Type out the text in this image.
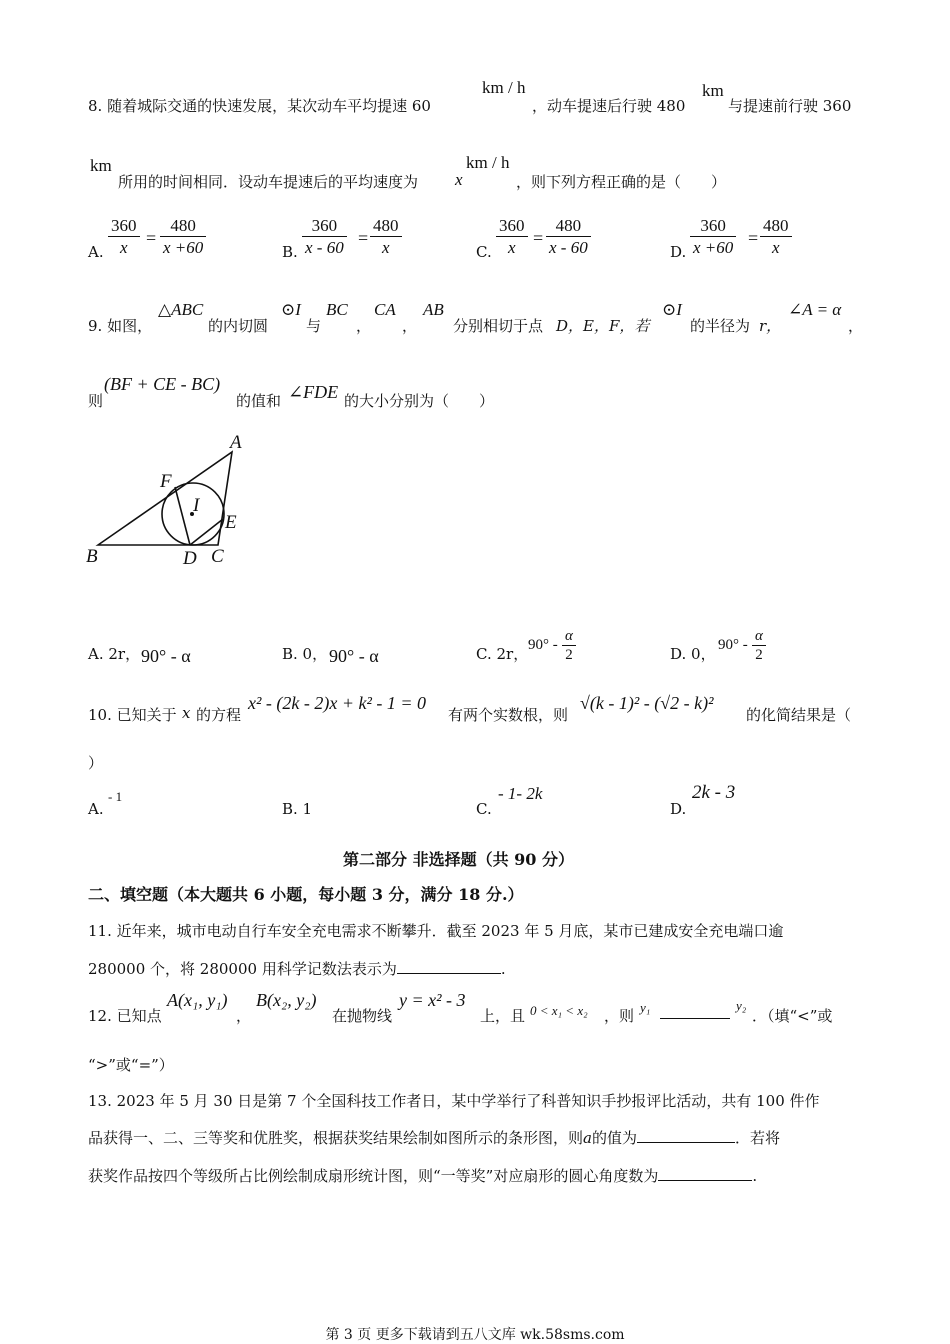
8. 随着城际交通的快速发展，某次动车平均提速 60
km / h
，动车提速后行驶 480
km
与提速前行驶 360
km
所用的时间相同．设动车提速后的平均速度为 x
km / h
，则下列方程正确的是（　　）
A. $\frac{360}{x} = \frac{480}{x +60}$	B. $\frac{360}{x - 60} = \frac{480}{x}$	C. $\frac{360}{x} = \frac{480}{x - 60}$	D. $\frac{360}{x +60} = \frac{480}{x}$
9. 如图，
△ABC
的内切圆
⊙I
与
BC
，
CA
，
AB
分别相切于点 D，E，F，若
⊙I
的半径为 r，
∠A = α
，
则
(BF + CE - BC)
的值和 ∠FDE 的大小分别为（　　）
A
B	C
D
E
F
I
A. 2r， 90° - α	B. 0， 90° - α	C. 2r， $90^\circ - \frac{\alpha}{2}$	D. 0， $90^\circ - \frac{\alpha}{2}$
10. 已知关于 x 的方程
x² - (2k - 2)x + k² - 1 = 0
有两个实数根，则
√(k - 1)² - (√2 - k)²
的化简结果是（
）
A.
- 1
B. 1	C.
- 1- 2k
D.
2k - 3
第二部分 非选择题（共 90 分）
二、填空题（本大题共 6 小题，每小题 3 分，满分 18 分.）
11. 近年来，城市电动自行车安全充电需求不断攀升．截至 2023 年 5 月底，某市已建成安全充电端口逾
280000 个，将 280000 用科学记数法表示为	.
12. 已知点
A(x₁, y₁)
，
B(x₂, y₂)
在抛物线
y = x² - 3
上，且 0 < x₁ < x₂ ，则 y₁	y₂
．（填“<”或
“>”或“=”）
13. 2023 年 5 月 30 日是第 7 个全国科技工作者日，某中学举行了科普知识手抄报评比活动，共有 100 件作
品获得一、二、三等奖和优胜奖，根据获奖结果绘制如图所示的条形图，则a的值为	．若将
获奖作品按四个等级所占比例绘制成扇形统计图，则“一等奖”对应扇形的圆心角度数为	.
第 3 页 更多下载请到五八文库 wk.58sms.com
